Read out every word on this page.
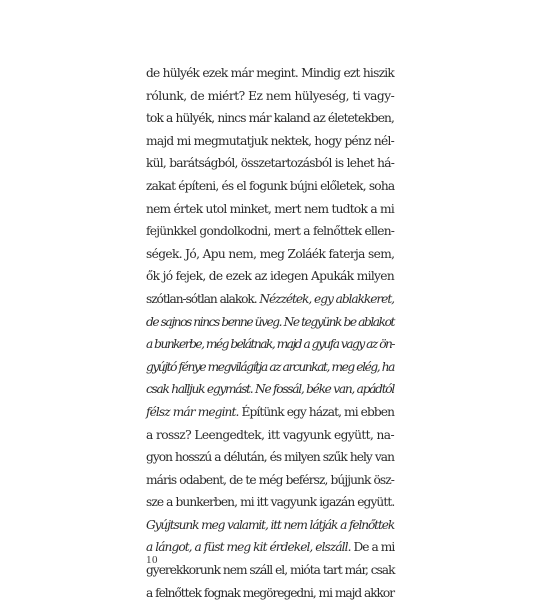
de hülyék ezek már megint. Mindig ezt hiszik
rólunk, de miért? Ez nem hülyeség, ti vagy-
tok a hülyék, nincs már kaland az életetekben,
majd mi megmutatjuk nektek, hogy pénz nél-
kül, barátságból, összetartozásból is lehet há-
zakat építeni, és el fogunk bújni előletek, soha
nem értek utol minket, mert nem tudtok a mi
fejünkkel gondolkodni, mert a felnőttek ellen-
ségek. Jó, Apu nem, meg Zoláék faterja sem,
ők jó fejek, de ezek az idegen Apukák milyen
szótlan-sótlan alakok. Nézzétek, egy ablakkeret,
de sajnos nincs benne üveg. Ne tegyünk be ablakot
a bunkerbe, még belátnak, majd a gyufa vagy az ön-
gyújtó fénye megvilágítja az arcunkat, meg elég, ha
csak halljuk egymást. Ne fossál, béke van, apádtól
félsz már megint. Építünk egy házat, mi ebben
a rossz? Leengedtek, itt vagyunk együtt, na-
gyon hosszú a délután, és milyen szűk hely van
máris odabent, de te még beférsz, bújjunk ösz-
sze a bunkerben, mi itt vagyunk igazán együtt.
Gyújtsunk meg valamit, itt nem látják a felnőttek
a lángot, a füst meg kit érdekel, elszáll. De a mi
gyerekkorunk nem száll el, mióta tart már, csak
a felnőttek fognak megöregedni, mi majd akkor
10
